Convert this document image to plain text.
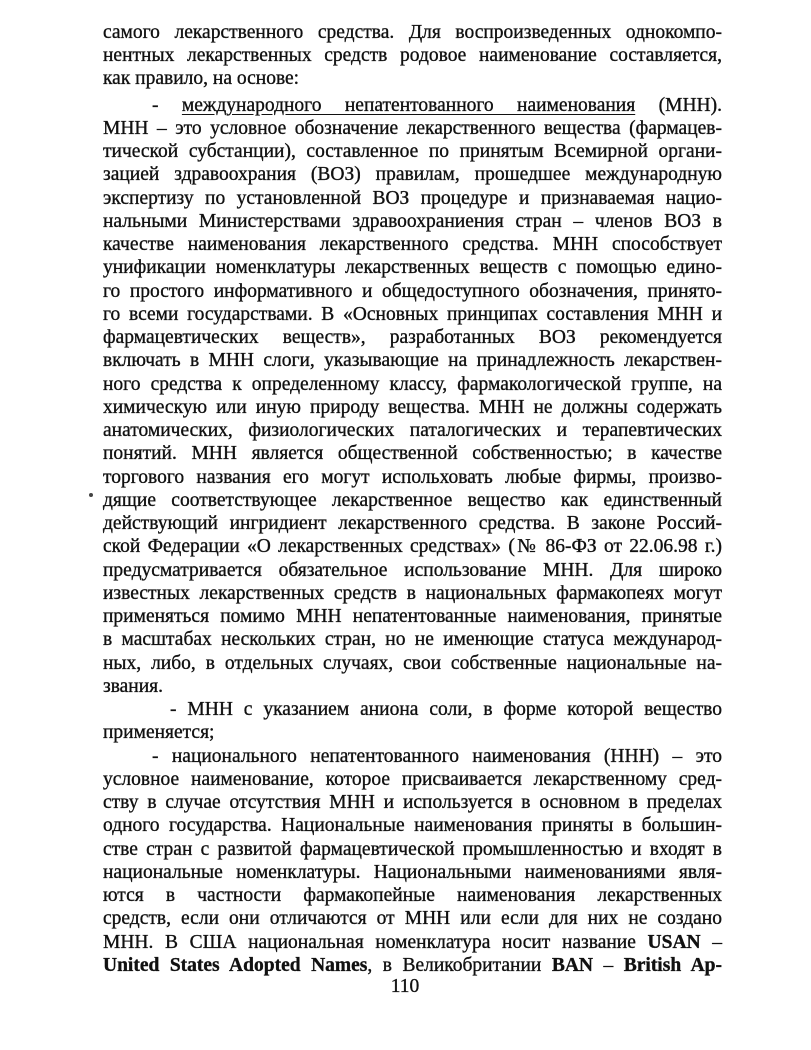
самого лекарственного средства. Для воспроизведенных однокомпо-
нентных лекарственных средств родовое наименование составляется,
как правило, на основе:
- международного непатентованного наименования (МНН).
МНН – это условное обозначение лекарственного вещества (фармацев-
тической субстанции), составленное по принятым Всемирной органи-
зацией здравоохрания (ВОЗ) правилам, прошедшее международную
экспертизу по установленной ВОЗ процедуре и признаваемая нацио-
нальными Министерствами здравоохраниения стран – членов ВОЗ в
качестве наименования лекарственного средства. МНН способствует
унификации номенклатуры лекарственных веществ с помощью едино-
го простого информативного и общедоступного обозначения, принято-
го всеми государствами. В «Основных принципах составления МНН и
фармацевтических веществ», разработанных ВОЗ рекомендуется
включать в МНН слоги, указывающие на принадлежность лекарствен-
ного средства к определенному классу, фармакологической группе, на
химическую или иную природу вещества. МНН не должны содержать
анатомических, физиологических паталогических и терапевтических
понятий. МНН является общественной собственностью; в качестве
торгового названия его могут испольховать любые фирмы, произво-
дящие соответствующее лекарственное вещество как единственный
действующий ингридиент лекарственного средства. В законе Россий-
ской Федерации «О лекарственных средствах» (№ 86-ФЗ от 22.06.98 г.)
предусматривается обязательное использование МНН. Для широко
известных лекарственных средств в национальных фармакопеях могут
применяться помимо МНН непатентованные наименования, принятые
в масштабах нескольких стран, но не именющие статуса международ-
ных, либо, в отдельных случаях, свои собственные национальные на-
звания.
- МНН с указанием аниона соли, в форме которой вещество
применяется;
- национального непатентованного наименования (ННН) – это
условное наименование, которое присваивается лекарственному сред-
ству в случае отсутствия МНН и используется в основном в пределах
одного государства. Национальные наименования приняты в большин-
стве стран с развитой фармацевтической промышленностью и входят в
национальные номенклатуры. Национальными наименованиями явля-
ются в частности фармакопейные наименования лекарственных
средств, если они отличаются от МНН или если для них не создано
МНН. В США национальная номенклатура носит название USAN –
United States Adopted Names, в Великобритании BAN – British Ap-
110
